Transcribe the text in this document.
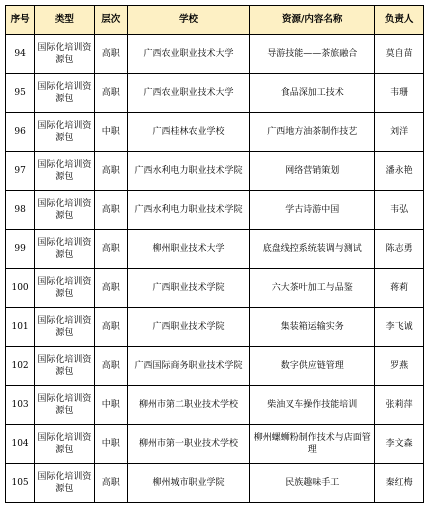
序号	类型	层次	学校	资源/内容名称	负责人
94	国际化培训资源包	高职	广西农业职业技术大学	导游技能——茶旅融合	莫自苗
95	国际化培训资源包	高职	广西农业职业技术大学	食品深加工技术	韦珊
96	国际化培训资源包	中职	广西桂林农业学校	广西地方油茶制作技艺	刘洋
97	国际化培训资源包	高职	广西水利电力职业技术学院	网络营销策划	潘永艳
98	国际化培训资源包	高职	广西水利电力职业技术学院	学古诗游中国	韦弘
99	国际化培训资源包	高职	柳州职业技术大学	底盘线控系统装调与测试	陈志勇
100	国际化培训资源包	高职	广西职业技术学院	六大茶叶加工与品鉴	蒋莉
101	国际化培训资源包	高职	广西职业技术学院	集装箱运输实务	李飞诚
102	国际化培训资源包	高职	广西国际商务职业技术学院	数字供应链管理	罗燕
103	国际化培训资源包	中职	柳州市第二职业技术学校	柴油叉车操作技能培训	张莉萍
104	国际化培训资源包	中职	柳州市第一职业技术学校	柳州螺蛳粉制作技术与店面管理	李文森
105	国际化培训资源包	高职	柳州城市职业学院	民族趣味手工	秦红梅
